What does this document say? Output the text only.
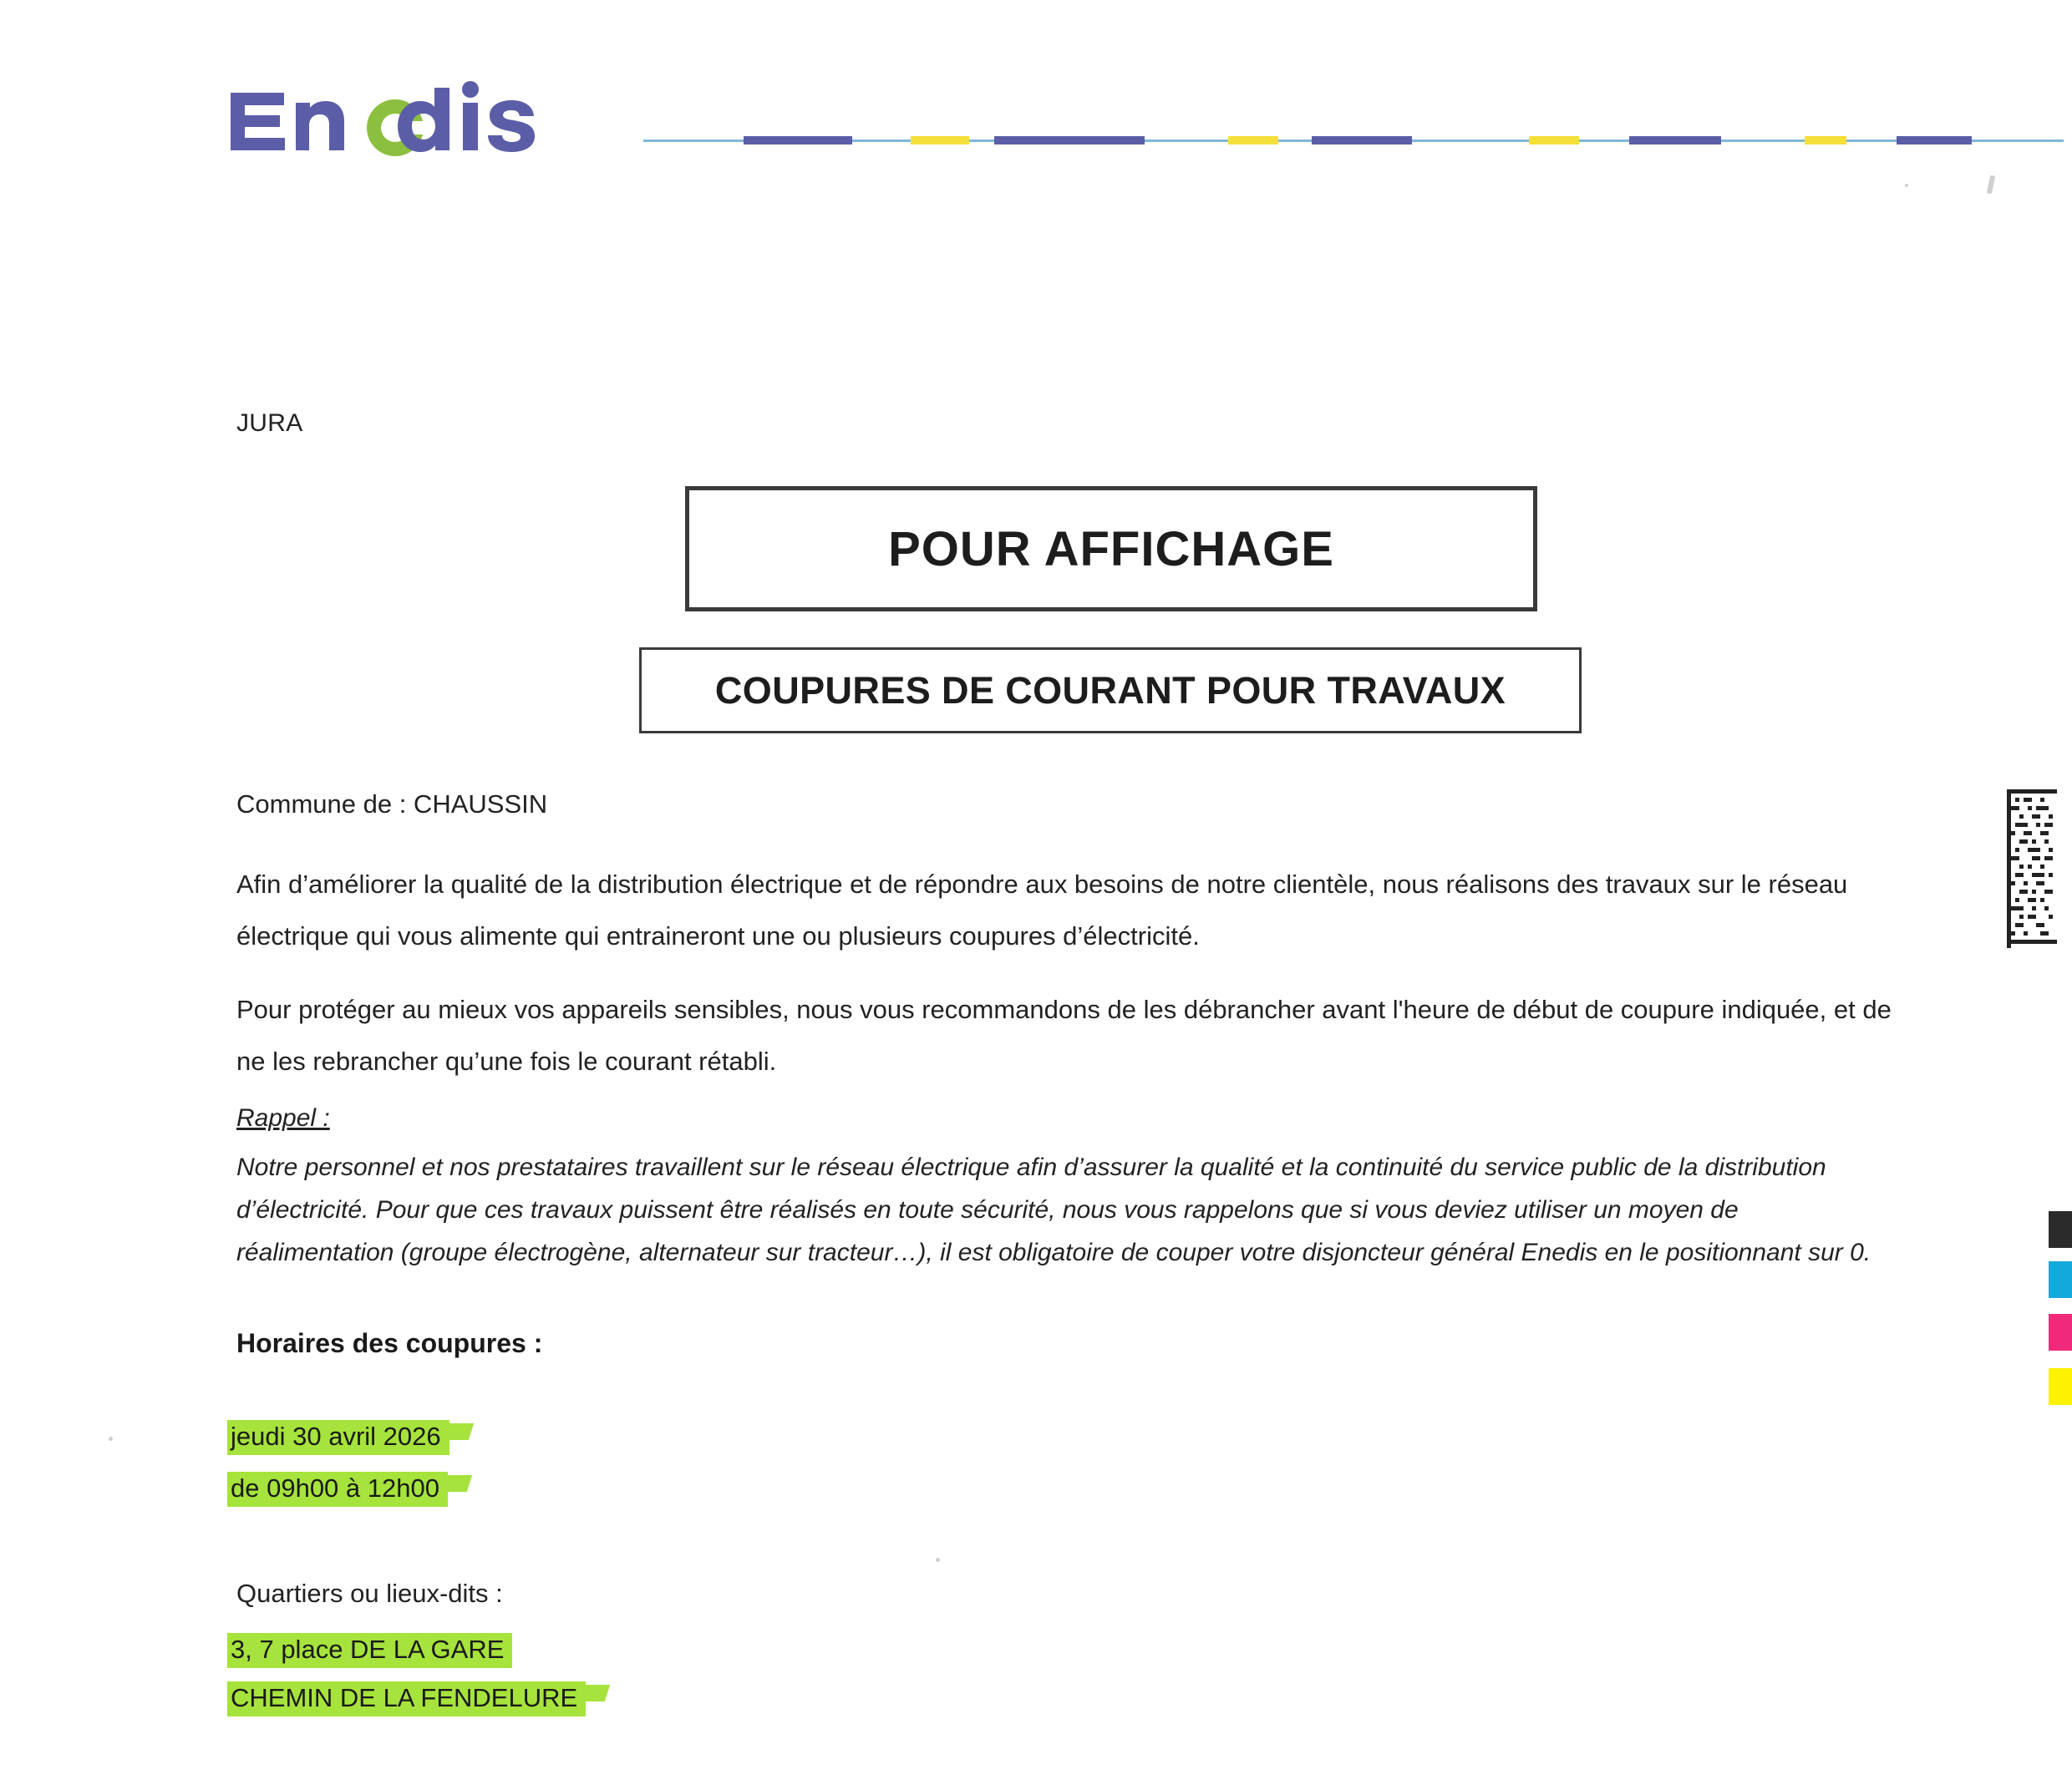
JURA
POUR AFFICHAGE
COUPURES DE COURANT POUR TRAVAUX
Commune de : CHAUSSIN
Afin d’améliorer la qualité de la distribution électrique et de répondre aux besoins de notre clientèle, nous réalisons des travaux sur le réseau électrique qui vous alimente qui entraineront une ou plusieurs coupures d’électricité.
Pour protéger au mieux vos appareils sensibles, nous vous recommandons de les débrancher avant l'heure de début de coupure indiquée, et de ne les rebrancher qu’une fois le courant rétabli.
Rappel :
Notre personnel et nos prestataires travaillent sur le réseau électrique afin d’assurer la qualité et la continuité du service public de la distribution d’électricité. Pour que ces travaux puissent être réalisés en toute sécurité, nous vous rappelons que si vous deviez utiliser un moyen de réalimentation (groupe électrogène, alternateur sur tracteur…), il est obligatoire de couper votre disjoncteur général Enedis en le positionnant sur 0.
Horaires des coupures :
jeudi 30 avril 2026
de 09h00 à 12h00
Quartiers ou lieux-dits :
3, 7 place DE LA GARE
CHEMIN DE LA FENDELURE
